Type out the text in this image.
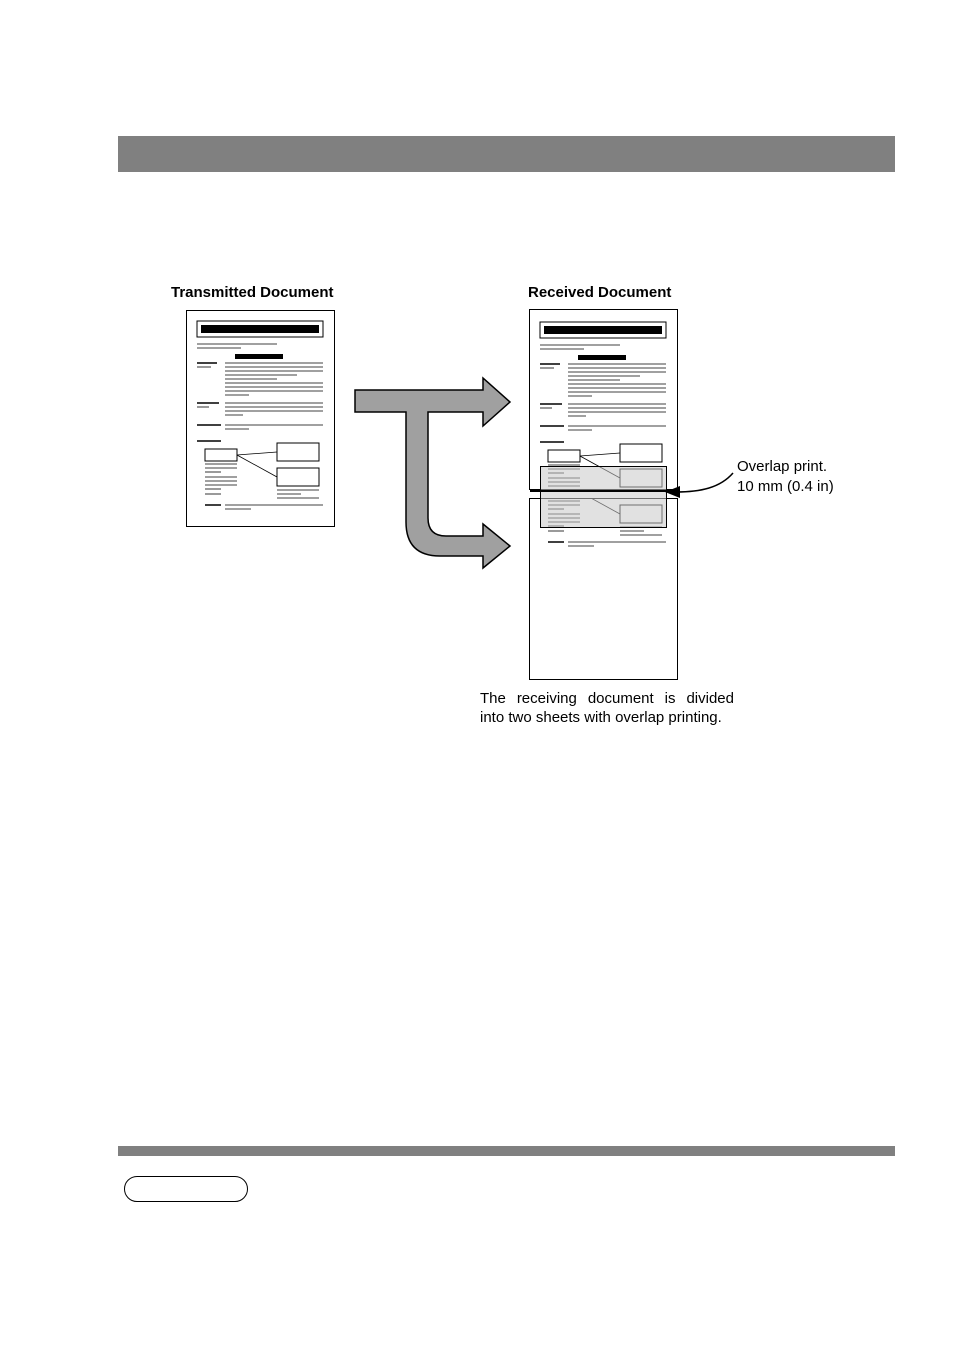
Transmitted Document	Received Document
Overlap print.
10 mm (0.4 in)
The receiving document is divided
into two sheets with overlap printing.
